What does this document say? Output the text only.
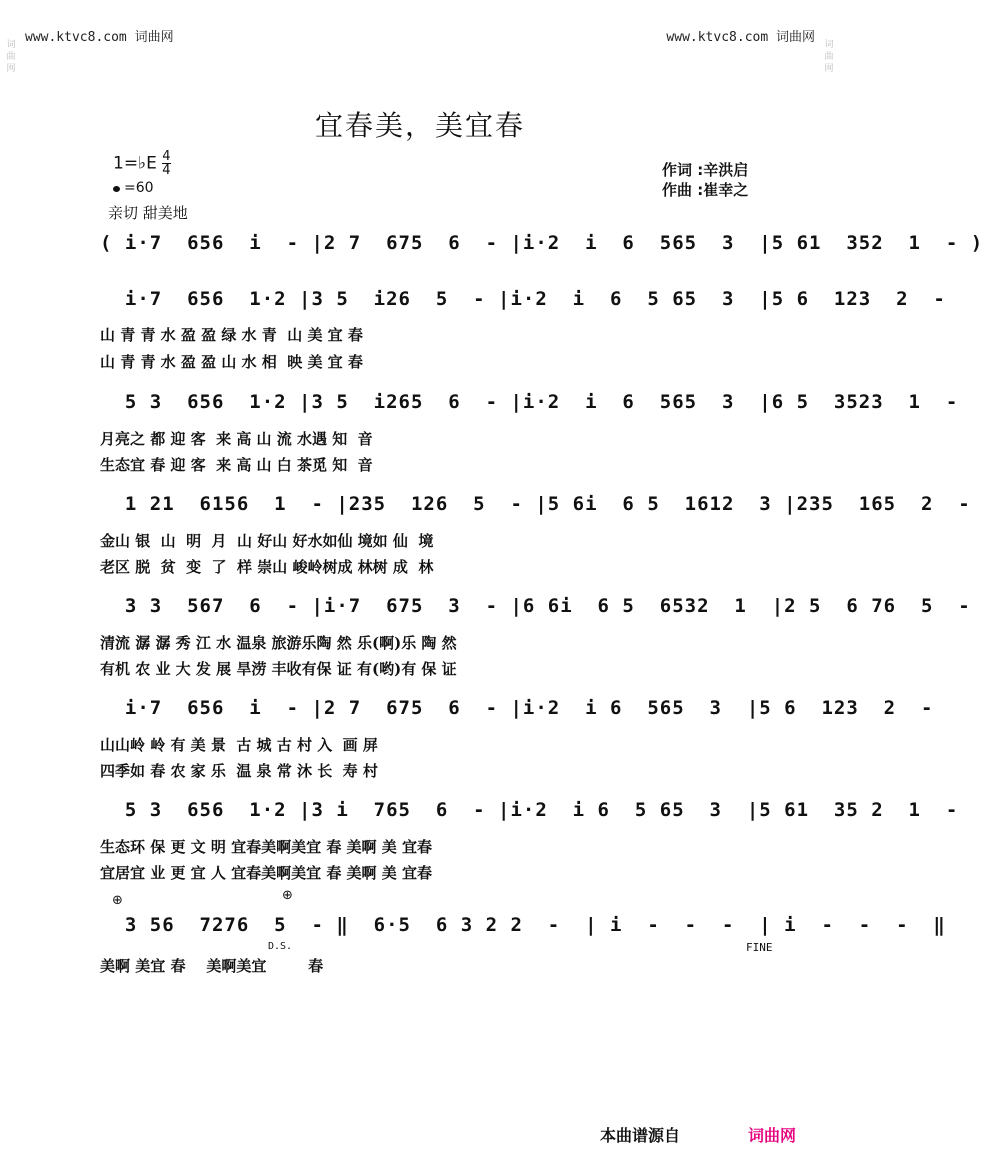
www.ktvc8.com 词曲网	www.ktvc8.com 词曲网
词
曲
网
词
曲
网
宜春美，美宜春
1=♭E $\frac{4}{4}$
=60
亲切 甜美地
作词 :辛洪启
作曲 :崔幸之
( i·7  656  i  - |2 7  675  6  - |i·2  i  6  565  3  |5 61  352  1  - )
i·7  656  1·2 |3 5  i26  5  - |i·2  i  6  5 65  3  |5 6  123  2  -
山 青 青 水 盈 盈 绿 水 青  山 美 宜 春
山 青 青 水 盈 盈 山 水 相  映 美 宜 春
5 3  656  1·2 |3 5  i265  6  - |i·2  i  6  565  3  |6 5  3523  1  -
月亮之 都 迎 客  来 高 山 流 水遇 知  音
生态宜 春 迎 客  来 高 山 白 茶觅 知  音
1 21  6156  1  - |235  126  5  - |5 6i  6 5  1612  3 |235  165  2  -
金山 银  山  明  月  山 好山 好水如仙 境如 仙  境
老区 脱  贫  变  了  样 崇山 峻岭树成 林树 成  林
3 3  567  6  - |i·7  675  3  - |6 6i  6 5  6532  1  |2 5  6 76  5  -
清流 潺 潺 秀 江 水 温泉 旅游乐陶 然 乐(啊)乐 陶 然
有机 农 业 大 发 展 旱涝 丰收有保 证 有(哟)有 保 证
i·7  656  i  - |2 7  675  6  - |i·2  i 6  565  3  |5 6  123  2  -
山山岭 岭 有 美 景  古 城 古 村 入  画 屏
四季如 春 农 家 乐  温 泉 常 沐 长  寿 村
5 3  656  1·2 |3 i  765  6  - |i·2  i 6  5 65  3  |5 61  35 2  1  -
生态环 保 更 文 明 宜春美啊美宜 春 美啊 美 宜春
宜居宜 业 更 宜 人 宜春美啊美宜 春 美啊 美 宜春
⊕	⊕
3 56  7276  5  - ‖  6·5  6 3 2 2  -  | i  -  -  -  | i  -  -  -  ‖
D.S.	FINE
美啊 美宜 春    美啊美宜        春
本曲谱源自	词曲网
